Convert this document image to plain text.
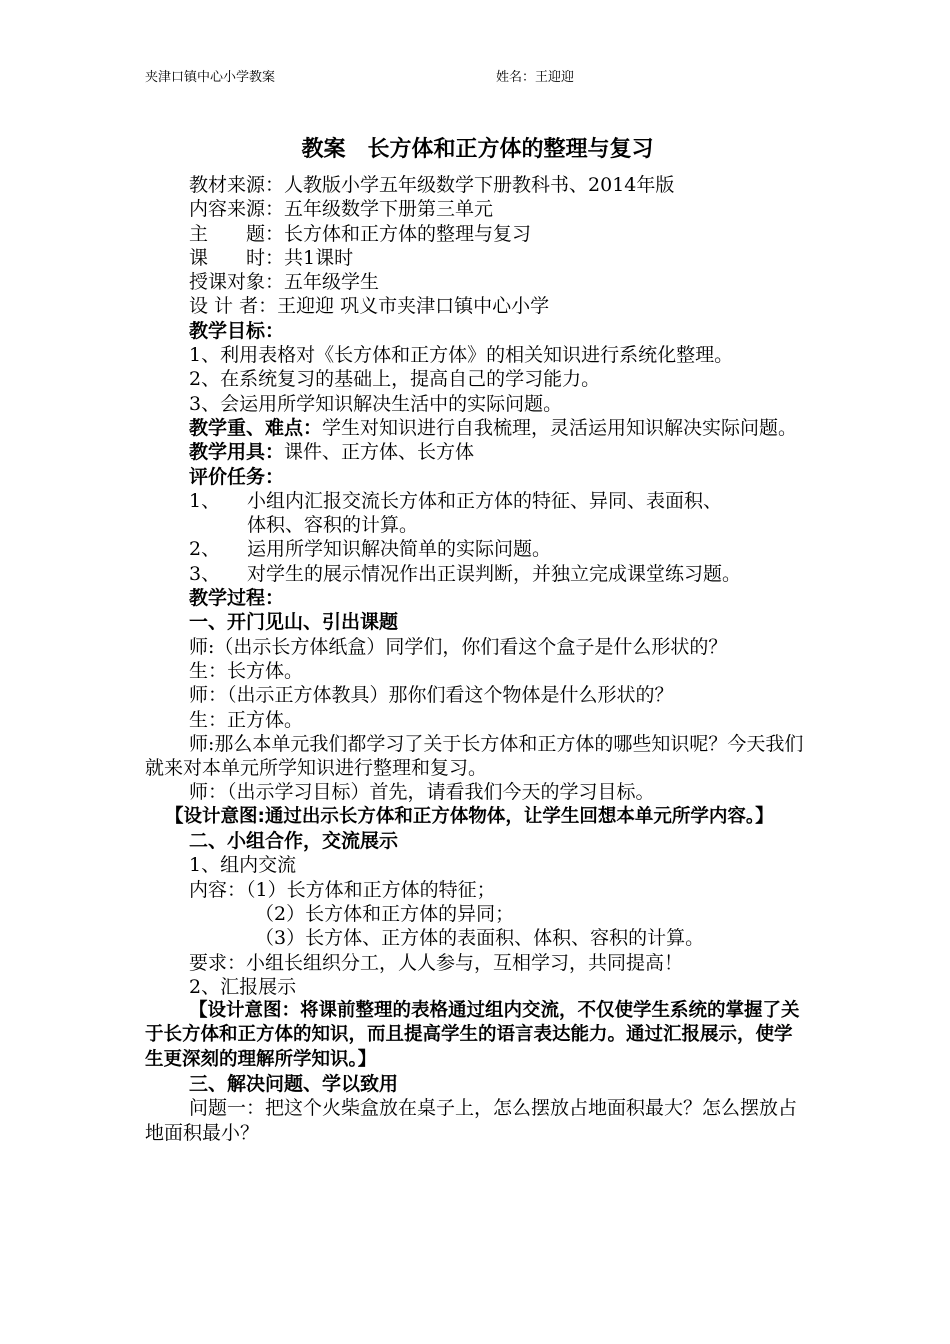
夹津口镇中心小学教案	姓名：王迎迎
教案 长方体和正方体的整理与复习
教材来源：人教版小学五年级数学下册教科书、2014年版
内容来源：五年级数学下册第三单元
主　　题：长方体和正方体的整理与复习
课　　时：共1课时
授课对象：五年级学生
设 计 者：王迎迎 巩义市夹津口镇中心小学
教学目标：
1、利用表格对《长方体和正方体》的相关知识进行系统化整理。
2、在系统复习的基础上，提高自己的学习能力。
3、会运用所学知识解决生活中的实际问题。
教学重、难点：学生对知识进行自我梳理，灵活运用知识解决实际问题。
教学用具：课件、正方体、长方体
评价任务：
1、 小组内汇报交流长方体和正方体的特征、异同、表面积、
体积、容积的计算。
2、 运用所学知识解决简单的实际问题。
3、 对学生的展示情况作出正误判断，并独立完成课堂练习题。
教学过程：
一、开门见山、引出课题
师:（出示长方体纸盒）同学们，你们看这个盒子是什么形状的？
生：长方体。
师：（出示正方体教具）那你们看这个物体是什么形状的？
生：正方体。
师:那么本单元我们都学习了关于长方体和正方体的哪些知识呢？今天我们就来对本单元所学知识进行整理和复习。
师：（出示学习目标）首先，请看我们今天的学习目标。
【设计意图:通过出示长方体和正方体物体，让学生回想本单元所学内容。】
二、小组合作，交流展示
1、组内交流
内容：（1）长方体和正方体的特征；
（2）长方体和正方体的异同；
（3）长方体、正方体的表面积、体积、容积的计算。
要求：小组长组织分工，人人参与，互相学习，共同提高！
2、汇报展示
【设计意图：将课前整理的表格通过组内交流，不仅使学生系统的掌握了关于长方体和正方体的知识，而且提高学生的语言表达能力。通过汇报展示，使学生更深刻的理解所学知识。】
三、解决问题、学以致用
问题一：把这个火柴盒放在桌子上，怎么摆放占地面积最大？怎么摆放占地面积最小？
